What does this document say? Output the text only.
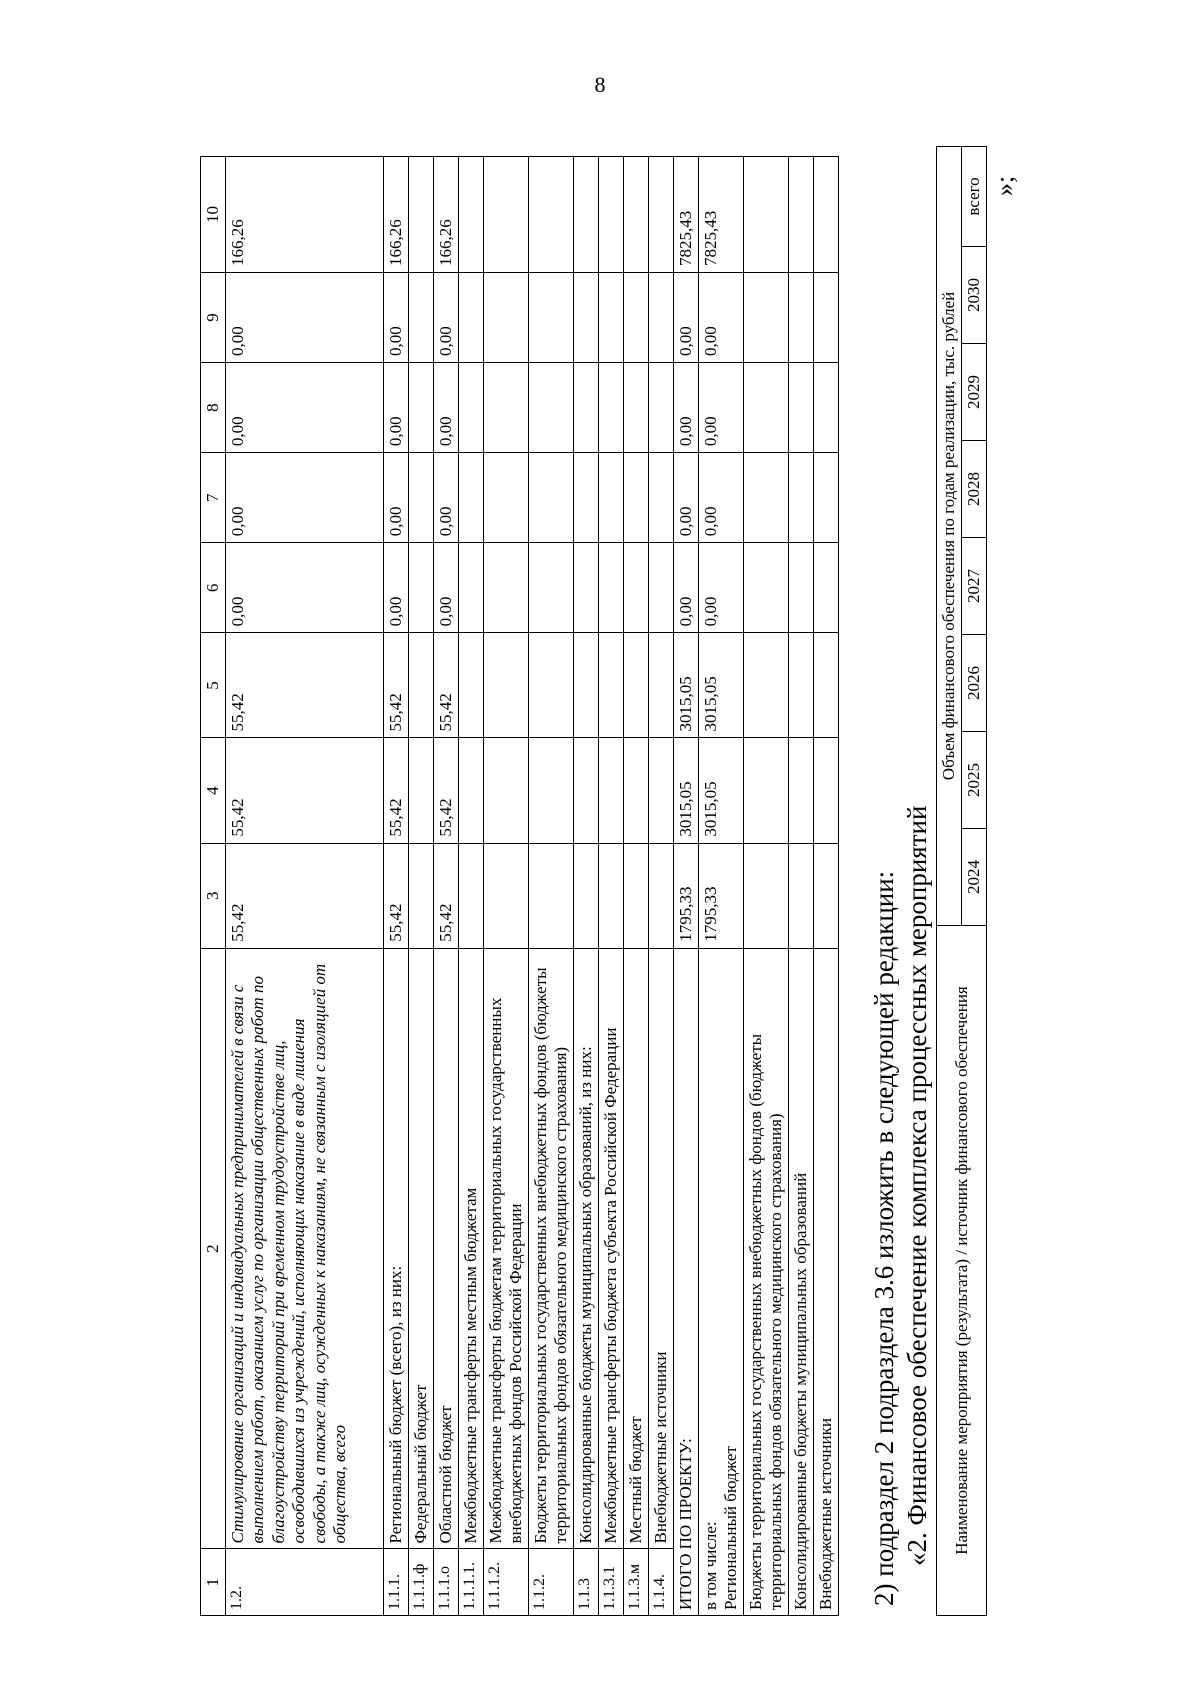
8
1	2	3	4	5	6	7	8	9	10
1.2.	Стимулирование организаций и индивидуальных предпринимателей в связи с выполнением работ, оказанием услуг по организации общественных работ по благоустройству территорий при временном трудоустройстве лиц, освободившихся из учреждений, исполняющих наказание в виде лишения свободы, а также лиц, осужденных к наказаниям, не связанным с изоляцией от общества, всего	55,42	55,42	55,42	0,00	0,00	0,00	0,00	166,26
1.1.1.	Региональный бюджет (всего), из них:	55,42	55,42	55,42	0,00	0,00	0,00	0,00	166,26
1.1.1.ф	Федеральный бюджет								
1.1.1.о	Областной бюджет	55,42	55,42	55,42	0,00	0,00	0,00	0,00	166,26
1.1.1.1.	Межбюджетные трансферты местным бюджетам								
1.1.1.2.	Межбюджетные трансферты бюджетам территориальных государственных внебюджетных фондов Российской Федерации								
1.1.2.	Бюджеты территориальных государственных внебюджетных фондов (бюджеты территориальных фондов обязательного медицинского страхования)								
1.1.3	Консолидированные бюджеты муниципальных образований, из них:								
1.1.3.1	Межбюджетные трансферты бюджета субъекта Российской Федерации								
1.1.3.м	Местный бюджет								
1.1.4.	Внебюджетные источники								
ИТОГО ПО ПРОЕКТУ:		1795,33	3015,05	3015,05	0,00	0,00	0,00	0,00	7825,43

в том числе: Региональный бюджет		1795,33	3015,05	3015,05	0,00	0,00	0,00	0,00	7825,43
Бюджеты территориальных государственных внебюджетных фондов (бюджеты территориальных фондов обязательного медицинского страхования)									
Консолидированные бюджеты муниципальных образований									
Внебюджетные источники									
»;
2) подраздел 2 подраздела 3.6 изложить в следующей редакции: «2. Финансовое обеспечение комплекса процессных мероприятий Наименование мероприятия (результата) / источник финансового обеспечения	Объем финансового обеспечения по годам реализации, тыс. рублей							
	2024	2025	2026	2027	2028	2029	2030	всего
